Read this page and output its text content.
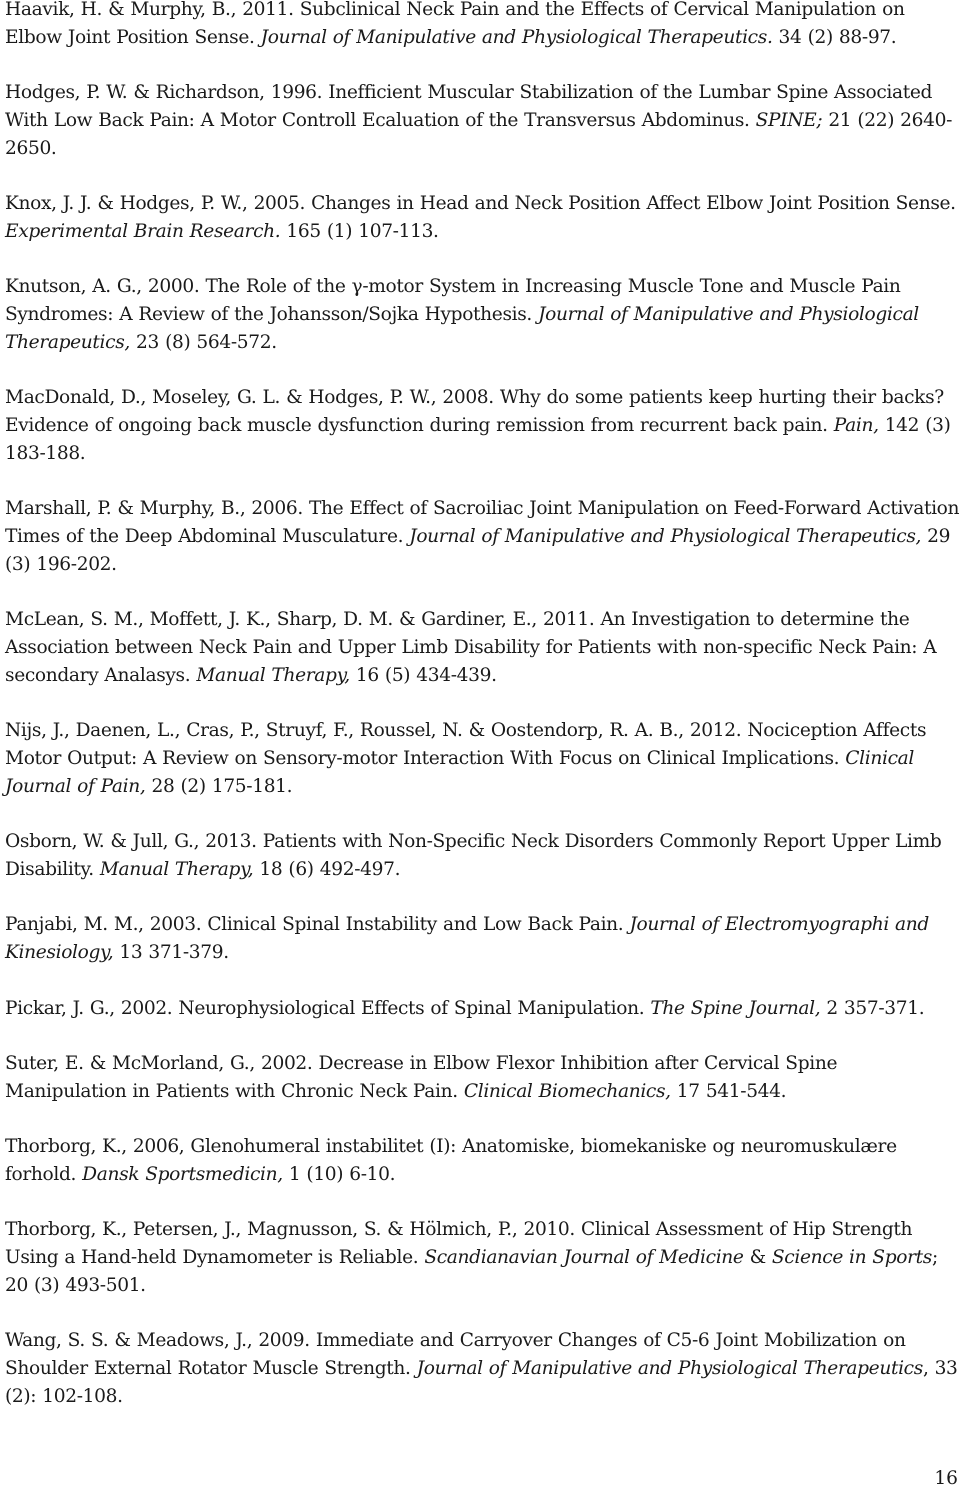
Haavik, H. & Murphy, B., 2011. Subclinical Neck Pain and the Effects of Cervical Manipulation on Elbow Joint Position Sense. Journal of Manipulative and Physiological Therapeutics. 34 (2) 88-97.

Hodges, P. W. & Richardson, 1996. Inefficient Muscular Stabilization of the Lumbar Spine Associated With Low Back Pain: A Motor Controll Ecaluation of the Transversus Abdominus. SPINE; 21 (22) 2640-2650.

Knox, J. J. & Hodges, P. W., 2005. Changes in Head and Neck Position Affect Elbow Joint Position Sense. Experimental Brain Research. 165 (1) 107-113.

Knutson, A. G., 2000. The Role of the γ-motor System in Increasing Muscle Tone and Muscle Pain Syndromes: A Review of the Johansson/Sojka Hypothesis. Journal of Manipulative and Physiological Therapeutics, 23 (8) 564-572.

MacDonald, D., Moseley, G. L. & Hodges, P. W., 2008. Why do some patients keep hurting their backs? Evidence of ongoing back muscle dysfunction during remission from recurrent back pain. Pain, 142 (3) 183-188.

Marshall, P. & Murphy, B., 2006. The Effect of Sacroiliac Joint Manipulation on Feed-Forward Activation Times of the Deep Abdominal Musculature. Journal of Manipulative and Physiological Therapeutics, 29 (3) 196-202.

McLean, S. M., Moffett, J. K., Sharp, D. M. & Gardiner, E., 2011. An Investigation to determine the Association between Neck Pain and Upper Limb Disability for Patients with non-specific Neck Pain: A secondary Analasys. Manual Therapy, 16 (5) 434-439.

Nijs, J., Daenen, L., Cras, P., Struyf, F., Roussel, N. & Oostendorp, R. A. B., 2012. Nociception Affects Motor Output: A Review on Sensory-motor Interaction With Focus on Clinical Implications. Clinical Journal of Pain, 28 (2) 175-181.

Osborn, W. & Jull, G., 2013. Patients with Non-Specific Neck Disorders Commonly Report Upper Limb Disability. Manual Therapy, 18 (6) 492-497.

Panjabi, M. M., 2003. Clinical Spinal Instability and Low Back Pain. Journal of Electromyographi and Kinesiology, 13 371-379.

Pickar, J. G., 2002. Neurophysiological Effects of Spinal Manipulation. The Spine Journal, 2 357-371.

Suter, E. & McMorland, G., 2002. Decrease in Elbow Flexor Inhibition after Cervical Spine Manipulation in Patients with Chronic Neck Pain. Clinical Biomechanics, 17 541-544.

Thorborg, K., 2006, Glenohumeral instabilitet (I): Anatomiske, biomekaniske og neuromuskulære forhold. Dansk Sportsmedicin, 1 (10) 6-10.

Thorborg, K., Petersen, J., Magnusson, S. & Hölmich, P., 2010. Clinical Assessment of Hip Strength Using a Hand-held Dynamometer is Reliable. Scandianavian Journal of Medicine & Science in Sports; 20 (3) 493-501.

Wang, S. S. & Meadows, J., 2009. Immediate and Carryover Changes of C5-6 Joint Mobilization on Shoulder External Rotator Muscle Strength. Journal of Manipulative and Physiological Therapeutics, 33 (2): 102-108.

16
